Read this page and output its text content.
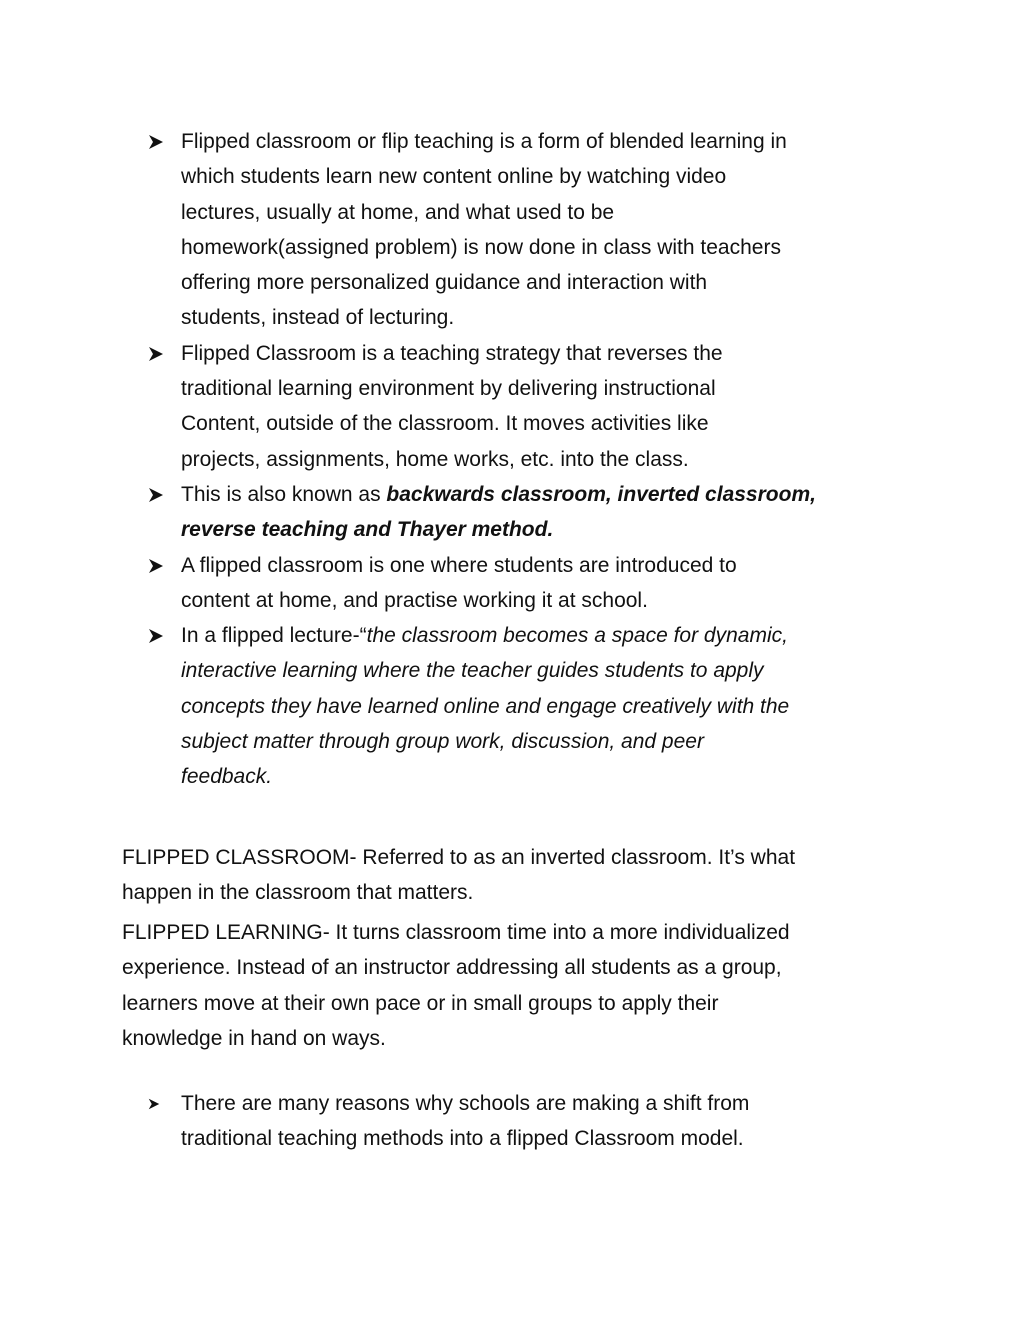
Flipped classroom or flip teaching is a form of blended learning in
which students learn new content online by watching video
lectures, usually at home, and what used to be
homework(assigned problem) is now done in class with teachers
offering more personalized guidance and interaction with
students, instead of lecturing.
Flipped Classroom is a teaching strategy that reverses the
traditional learning environment by delivering instructional
Content, outside of the classroom. It moves activities like
projects, assignments, home works, etc. into the class.
This is also known as backwards classroom, inverted classroom,
reverse teaching and Thayer method.
A flipped classroom is one where students are introduced to
content at home, and practise working it at school.
In a flipped lecture-“the classroom becomes a space for dynamic,
interactive learning where the teacher guides students to apply
concepts they have learned online and engage creatively with the
subject matter through group work, discussion, and peer
feedback.

FLIPPED CLASSROOM- Referred to as an inverted classroom. It’s what
happen in the classroom that matters.

FLIPPED LEARNING- It turns classroom time into a more individualized
experience. Instead of an instructor addressing all students as a group,
learners move at their own pace or in small groups to apply their
knowledge in hand on ways.

There are many reasons why schools are making a shift from
traditional teaching methods into a flipped Classroom model.
